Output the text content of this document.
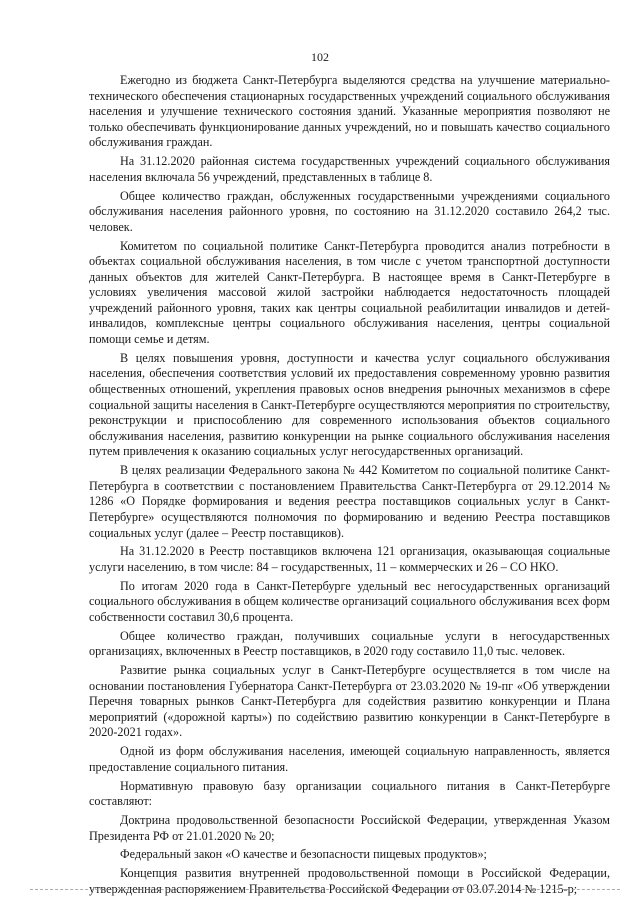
102

Ежегодно из бюджета Санкт-Петербурга выделяются средства на улучшение материально-технического обеспечения стационарных государственных учреждений социального обслуживания населения и улучшение технического состояния зданий. Указанные мероприятия позволяют не только обеспечивать функционирование данных учреждений, но и повышать качество социального обслуживания граждан.

На 31.12.2020 районная система государственных учреждений социального обслуживания населения включала 56 учреждений, представленных в таблице 8.

Общее количество граждан, обслуженных государственными учреждениями социального обслуживания населения районного уровня, по состоянию на 31.12.2020 составило 264,2 тыс. человек.

Комитетом по социальной политике Санкт-Петербурга проводится анализ потребности в объектах социальной обслуживания населения, в том числе с учетом транспортной доступности данных объектов для жителей Санкт-Петербурга. В настоящее время в Санкт-Петербурге в условиях увеличения массовой жилой застройки наблюдается недостаточность площадей учреждений районного уровня, таких как центры социальной реабилитации инвалидов и детей-инвалидов, комплексные центры социального обслуживания населения, центры социальной помощи семье и детям.

В целях повышения уровня, доступности и качества услуг социального обслуживания населения, обеспечения соответствия условий их предоставления современному уровню развития общественных отношений, укрепления правовых основ внедрения рыночных механизмов в сфере социальной защиты населения в Санкт-Петербурге осуществляются мероприятия по строительству, реконструкции и приспособлению для современного использования объектов социального обслуживания населения, развитию конкуренции на рынке социального обслуживания населения путем привлечения к оказанию социальных услуг негосударственных организаций.

В целях реализации Федерального закона № 442 Комитетом по социальной политике Санкт-Петербурга в соответствии с постановлением Правительства Санкт-Петербурга от 29.12.2014 № 1286 «О Порядке формирования и ведения реестра поставщиков социальных услуг в Санкт-Петербурге» осуществляются полномочия по формированию и ведению Реестра поставщиков социальных услуг (далее – Реестр поставщиков).

На 31.12.2020 в Реестр поставщиков включена 121 организация, оказывающая социальные услуги населению, в том числе: 84 – государственных, 11 – коммерческих и 26 – СО НКО.

По итогам 2020 года в Санкт-Петербурге удельный вес негосударственных организаций социального обслуживания в общем количестве организаций социального обслуживания всех форм собственности составил 30,6 процента.

Общее количество граждан, получивших социальные услуги в негосударственных организациях, включенных в Реестр поставщиков, в 2020 году составило 11,0 тыс. человек.

Развитие рынка социальных услуг в Санкт-Петербурге осуществляется в том числе на основании постановления Губернатора Санкт-Петербурга от 23.03.2020 № 19-пг «Об утверждении Перечня товарных рынков Санкт-Петербурга для содействия развитию конкуренции и Плана мероприятий («дорожной карты») по содействию развитию конкуренции в Санкт-Петербурге в 2020-2021 годах».

Одной из форм обслуживания населения, имеющей социальную направленность, является предоставление социального питания.

Нормативную правовую базу организации социального питания в Санкт-Петербурге составляют:

Доктрина продовольственной безопасности Российской Федерации, утвержденная Указом Президента РФ от 21.01.2020 № 20;

Федеральный закон «О качестве и безопасности пищевых продуктов»;

Концепция развития внутренней продовольственной помощи в Российской Федерации, утвержденная распоряжением Правительства Российской Федерации от 03.07.2014 № 1215-р;
